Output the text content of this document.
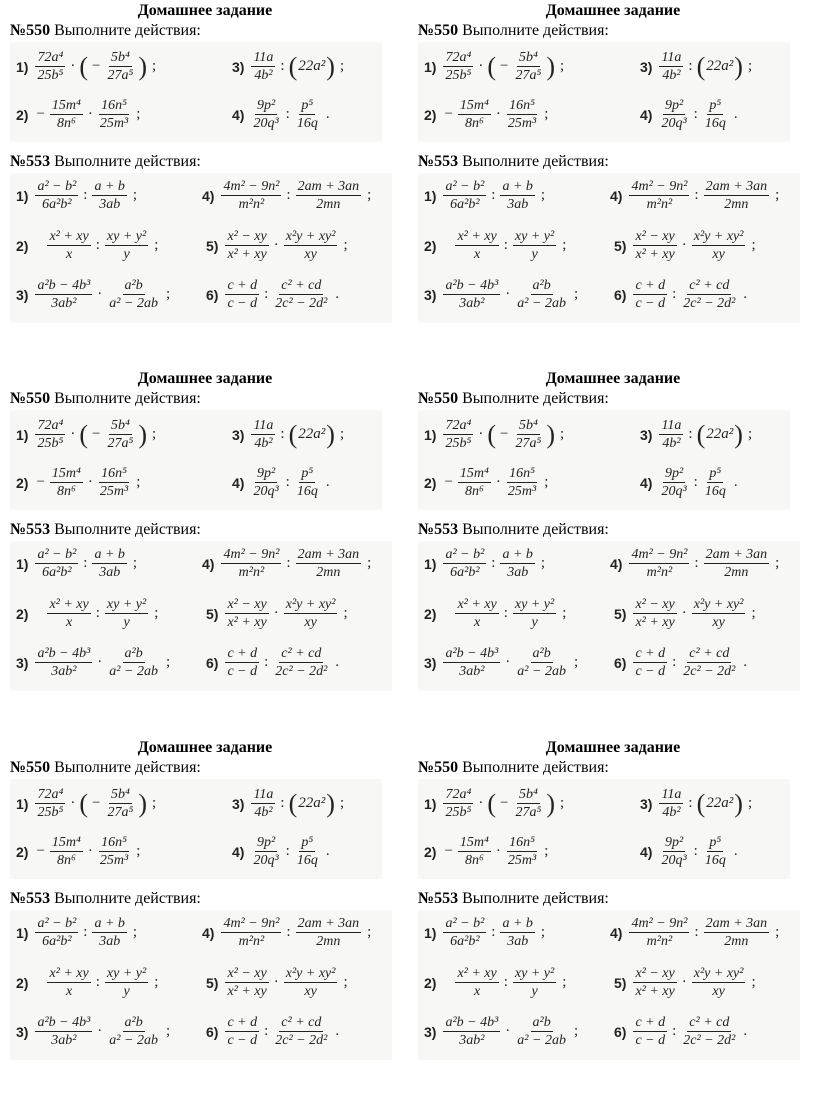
Домашнее задание
№550 Выполните действия:
$1) \frac{\text{72a⁴}}{\text{25b⁵}}$ · ( − $\frac{\text{5b⁴}}{\text{27a⁵}}$ ) ;
$2) - \frac{\text{15m⁴}}{\text{8n⁶}} \cdot \frac{\text{16n⁵}}{\text{25m³}}$ ;
$3) \frac{11a}{\text{4b²}}$ : ( 22a² ) ;
$4) \frac{\text{9p²}}{\text{20q³}}$ : $\frac{\text{p⁵}}{16q}$ .
№553 Выполните действия:
$1) \frac{\text{a² − b²}}{\text{6a²b²}}$ : $\frac{a + b}{3ab}$ ;
$2) \frac{\text{x² + xy}}{x}$ : $\frac{\text{xy + y²}}{y}$ ;
$3) \frac{\text{a²b − 4b³}}{\text{3ab²}} \cdot \frac{\text{a²b}}{\text{a² − 2ab}}$ ;
$4) \frac{\text{4m² − 9n²}}{\text{m²n²}}$ : $\frac{2am + 3an}{2mn}$ ;
$5) \frac{\text{x² − xy}}{\text{x² + xy}} \cdot \frac{\text{x²y + xy²}}{xy}$ ;
$6) \frac{c + d}{c - d}$ : $\frac{\text{c² + cd}}{\text{2c² − 2d²}}$ .
Домашнее задание
№550 Выполните действия:
$1) \frac{\text{72a⁴}}{\text{25b⁵}}$ · ( − $\frac{\text{5b⁴}}{\text{27a⁵}}$ ) ;
$2) - \frac{\text{15m⁴}}{\text{8n⁶}} \cdot \frac{\text{16n⁵}}{\text{25m³}}$ ;
$3) \frac{11a}{\text{4b²}}$ : ( 22a² ) ;
$4) \frac{\text{9p²}}{\text{20q³}}$ : $\frac{\text{p⁵}}{16q}$ .
№553 Выполните действия:
$1) \frac{\text{a² − b²}}{\text{6a²b²}}$ : $\frac{a + b}{3ab}$ ;
$2) \frac{\text{x² + xy}}{x}$ : $\frac{\text{xy + y²}}{y}$ ;
$3) \frac{\text{a²b − 4b³}}{\text{3ab²}} \cdot \frac{\text{a²b}}{\text{a² − 2ab}}$ ;
$4) \frac{\text{4m² − 9n²}}{\text{m²n²}}$ : $\frac{2am + 3an}{2mn}$ ;
$5) \frac{\text{x² − xy}}{\text{x² + xy}} \cdot \frac{\text{x²y + xy²}}{xy}$ ;
$6) \frac{c + d}{c - d}$ : $\frac{\text{c² + cd}}{\text{2c² − 2d²}}$ .
Домашнее задание
№550 Выполните действия:
$1) \frac{\text{72a⁴}}{\text{25b⁵}}$ · ( − $\frac{\text{5b⁴}}{\text{27a⁵}}$ ) ;
$2) - \frac{\text{15m⁴}}{\text{8n⁶}} \cdot \frac{\text{16n⁵}}{\text{25m³}}$ ;
$3) \frac{11a}{\text{4b²}}$ : ( 22a² ) ;
$4) \frac{\text{9p²}}{\text{20q³}}$ : $\frac{\text{p⁵}}{16q}$ .
№553 Выполните действия:
$1) \frac{\text{a² − b²}}{\text{6a²b²}}$ : $\frac{a + b}{3ab}$ ;
$2) \frac{\text{x² + xy}}{x}$ : $\frac{\text{xy + y²}}{y}$ ;
$3) \frac{\text{a²b − 4b³}}{\text{3ab²}} \cdot \frac{\text{a²b}}{\text{a² − 2ab}}$ ;
$4) \frac{\text{4m² − 9n²}}{\text{m²n²}}$ : $\frac{2am + 3an}{2mn}$ ;
$5) \frac{\text{x² − xy}}{\text{x² + xy}} \cdot \frac{\text{x²y + xy²}}{xy}$ ;
$6) \frac{c + d}{c - d}$ : $\frac{\text{c² + cd}}{\text{2c² − 2d²}}$ .
Домашнее задание
№550 Выполните действия:
$1) \frac{\text{72a⁴}}{\text{25b⁵}}$ · ( − $\frac{\text{5b⁴}}{\text{27a⁵}}$ ) ;
$2) - \frac{\text{15m⁴}}{\text{8n⁶}} \cdot \frac{\text{16n⁵}}{\text{25m³}}$ ;
$3) \frac{11a}{\text{4b²}}$ : ( 22a² ) ;
$4) \frac{\text{9p²}}{\text{20q³}}$ : $\frac{\text{p⁵}}{16q}$ .
№553 Выполните действия:
$1) \frac{\text{a² − b²}}{\text{6a²b²}}$ : $\frac{a + b}{3ab}$ ;
$2) \frac{\text{x² + xy}}{x}$ : $\frac{\text{xy + y²}}{y}$ ;
$3) \frac{\text{a²b − 4b³}}{\text{3ab²}} \cdot \frac{\text{a²b}}{\text{a² − 2ab}}$ ;
$4) \frac{\text{4m² − 9n²}}{\text{m²n²}}$ : $\frac{2am + 3an}{2mn}$ ;
$5) \frac{\text{x² − xy}}{\text{x² + xy}} \cdot \frac{\text{x²y + xy²}}{xy}$ ;
$6) \frac{c + d}{c - d}$ : $\frac{\text{c² + cd}}{\text{2c² − 2d²}}$ .
Домашнее задание
№550 Выполните действия:
$1) \frac{\text{72a⁴}}{\text{25b⁵}}$ · ( − $\frac{\text{5b⁴}}{\text{27a⁵}}$ ) ;
$2) - \frac{\text{15m⁴}}{\text{8n⁶}} \cdot \frac{\text{16n⁵}}{\text{25m³}}$ ;
$3) \frac{11a}{\text{4b²}}$ : ( 22a² ) ;
$4) \frac{\text{9p²}}{\text{20q³}}$ : $\frac{\text{p⁵}}{16q}$ .
№553 Выполните действия:
$1) \frac{\text{a² − b²}}{\text{6a²b²}}$ : $\frac{a + b}{3ab}$ ;
$2) \frac{\text{x² + xy}}{x}$ : $\frac{\text{xy + y²}}{y}$ ;
$3) \frac{\text{a²b − 4b³}}{\text{3ab²}} \cdot \frac{\text{a²b}}{\text{a² − 2ab}}$ ;
$4) \frac{\text{4m² − 9n²}}{\text{m²n²}}$ : $\frac{2am + 3an}{2mn}$ ;
$5) \frac{\text{x² − xy}}{\text{x² + xy}} \cdot \frac{\text{x²y + xy²}}{xy}$ ;
$6) \frac{c + d}{c - d}$ : $\frac{\text{c² + cd}}{\text{2c² − 2d²}}$ .
Домашнее задание
№550 Выполните действия:
$1) \frac{\text{72a⁴}}{\text{25b⁵}}$ · ( − $\frac{\text{5b⁴}}{\text{27a⁵}}$ ) ;
$2) - \frac{\text{15m⁴}}{\text{8n⁶}} \cdot \frac{\text{16n⁵}}{\text{25m³}}$ ;
$3) \frac{11a}{\text{4b²}}$ : ( 22a² ) ;
$4) \frac{\text{9p²}}{\text{20q³}}$ : $\frac{\text{p⁵}}{16q}$ .
№553 Выполните действия:
$1) \frac{\text{a² − b²}}{\text{6a²b²}}$ : $\frac{a + b}{3ab}$ ;
$2) \frac{\text{x² + xy}}{x}$ : $\frac{\text{xy + y²}}{y}$ ;
$3) \frac{\text{a²b − 4b³}}{\text{3ab²}} \cdot \frac{\text{a²b}}{\text{a² − 2ab}}$ ;
$4) \frac{\text{4m² − 9n²}}{\text{m²n²}}$ : $\frac{2am + 3an}{2mn}$ ;
$5) \frac{\text{x² − xy}}{\text{x² + xy}} \cdot \frac{\text{x²y + xy²}}{xy}$ ;
$6) \frac{c + d}{c - d}$ : $\frac{\text{c² + cd}}{\text{2c² − 2d²}}$ .
